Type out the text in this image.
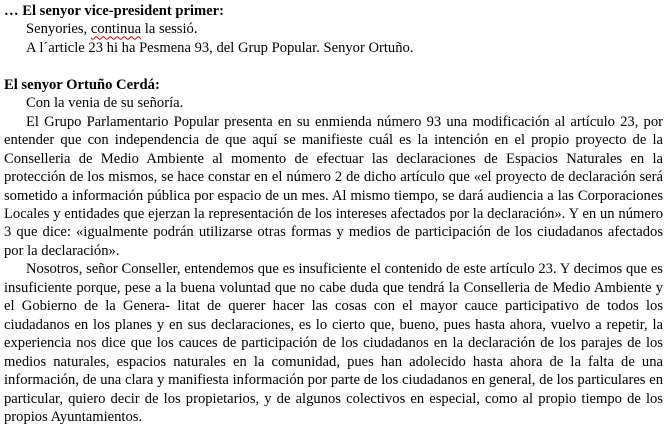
… El senyor vice-president primer:

Senyories, continua la sessió.

A l´article 23 hi ha Pesmena 93, del Grup Popular. Senyor Ortuño.

El senyor Ortuño Cerdá:

Con la venia de su señoría.

El Grupo Parlamentario Popular presenta en su enmienda número 93 una modificación al artículo 23, por entender que con independencia de que aquí se manifieste cuál es la intención en el propio proyecto de la Conselleria de Medio Ambiente al momento de efectuar las declaraciones de Espacios Naturales en la protección de los mismos, se hace constar en el número 2 de dicho artículo que «el proyecto de declaración será sometido a información pública por espacio de un mes. Al mismo tiempo, se dará audiencia a las Corporaciones Locales y entidades que ejerzan la representación de los intereses afectados por la declaración». Y en un número 3 que dice: «igualmente podrán utilizarse otras formas y medios de participación de los ciudadanos afectados por la declaración».

Nosotros, señor Conseller, entendemos que es insuficiente el contenido de este artículo 23. Y decimos que es insuficiente porque, pese a la buena voluntad que no cabe duda que tendrá la Conselleria de Medio Ambiente y el Gobierno de la Genera- litat de querer hacer las cosas con el mayor cauce participativo de todos los ciudadanos en los planes y en sus declaraciones, es lo cierto que, bueno, pues hasta ahora, vuelvo a repetir, la experiencia nos dice que los cauces de participación de los ciudadanos en la declaración de los parajes de los medios naturales, espacios naturales en la comunidad, pues han adolecido hasta ahora de la falta de una información, de una clara y manifiesta información por parte de los ciudadanos en general, de los particulares en particular, quiero decir de los propietarios, y de algunos colectivos en especial, como al propio tiempo de los propios Ayuntamientos.
